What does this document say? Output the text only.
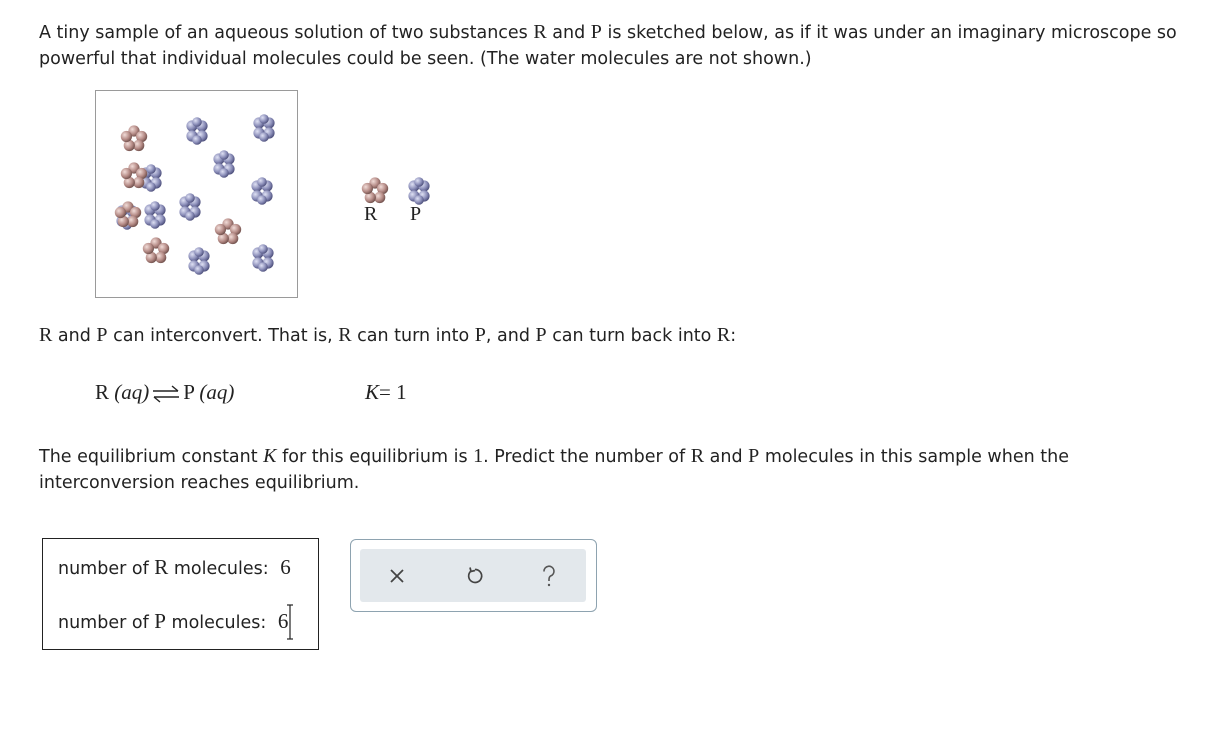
A tiny sample of an aqueous solution of two substances R and P is sketched below, as if it was under an imaginary microscope so powerful that individual molecules could be seen. (The water molecules are not shown.)

R P

R and P can interconvert. That is, R can turn into P, and P can turn back into R:

R (aq) ⇌ P (aq)	K= 1

The equilibrium constant K for this equilibrium is 1. Predict the number of R and P molecules in this sample when the interconversion reaches equilibrium.

number of R molecules: 6
number of P molecules: 6
